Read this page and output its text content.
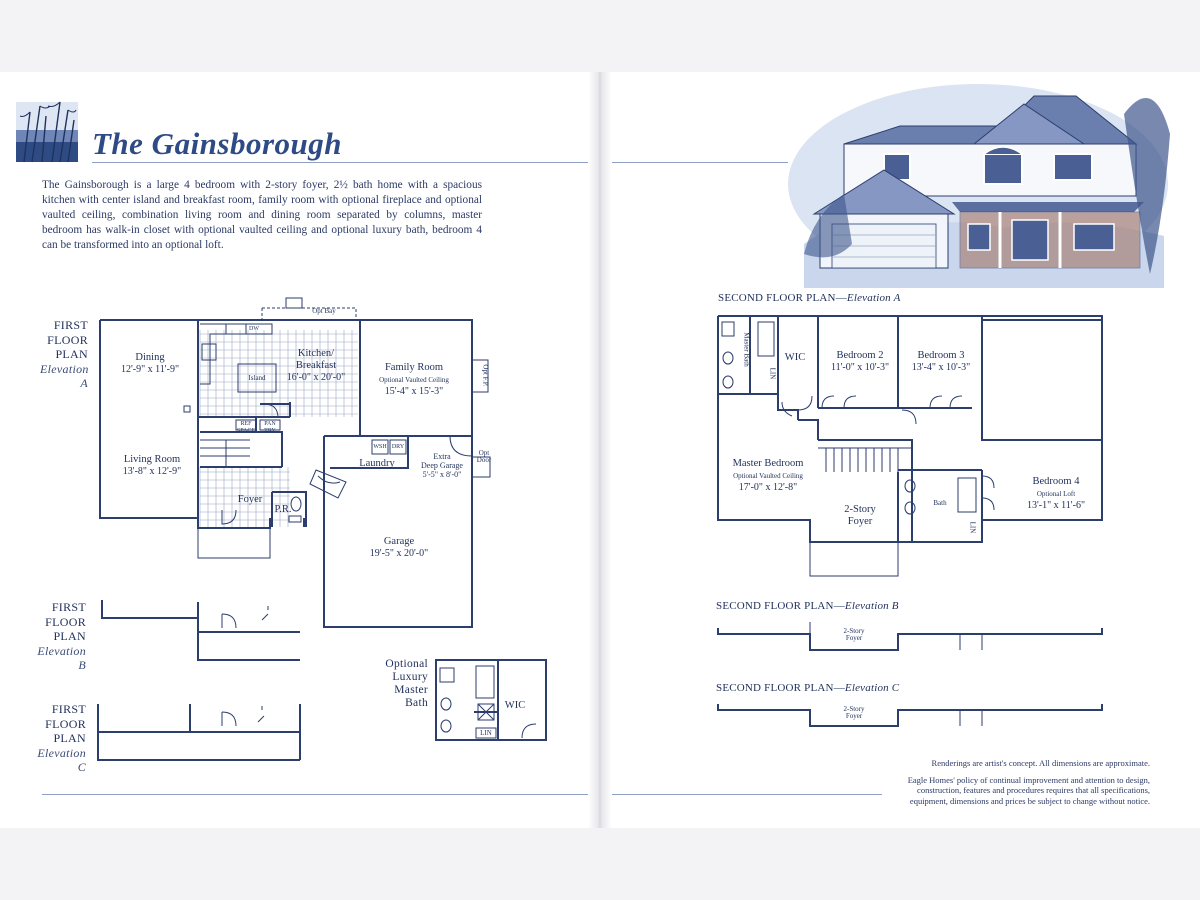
The Gainsborough
The Gainsborough is a large 4 bedroom with 2-story foyer, 2½ bath home with a spacious kitchen with center island and breakfast room, family room with optional fireplace and optional vaulted ceiling, combination living room and dining room separated by columns, master bedroom has walk-in closet with optional vaulted ceiling and optional luxury bath, bedroom 4 can be transformed into an optional loft.
FIRST
FLOOR
PLAN
Elevation A
Dining
12'-9" x 11'-9"
Kitchen/
Breakfast
16'-0" x 20'-0"
Island
Family Room
Optional Vaulted Ceiling
15'-4" x 15'-3"
Living Room
13'-8" x 12'-9"
Laundry
Extra
Deep Garage
5'-5" x 8'-0"
Foyer
P.R.
Garage
19'-5" x 20'-0"
Opt Bay
Opt F.P.
Opt
Door
REF
SPACE
PAN
TRY
DW
WSH DRY
FIRST
FLOOR
PLAN
Elevation B
FIRST
FLOOR
PLAN
Elevation C
Optional
Luxury
Master
Bath	WIC
LIN
SECOND FLOOR PLAN—Elevation A
Master Bath	WIC
LIN
Bedroom 2
11'-0" x 10'-3"
Bedroom 3
13'-4" x 10'-3"
Master Bedroom
Optional Vaulted Ceiling
17'-0" x 12'-8"
Bedroom 4
Optional Loft
13'-1" x 11'-6"
2-Story
Foyer
Bath
LIN
SECOND FLOOR PLAN—Elevation B
2-Story
Foyer
SECOND FLOOR PLAN—Elevation C
2-Story
Foyer
Renderings are artist's concept. All dimensions are approximate.
Eagle Homes' policy of continual improvement and attention to design,
construction, features and procedures requires that all specifications,
equipment, dimensions and prices be subject to change without notice.
